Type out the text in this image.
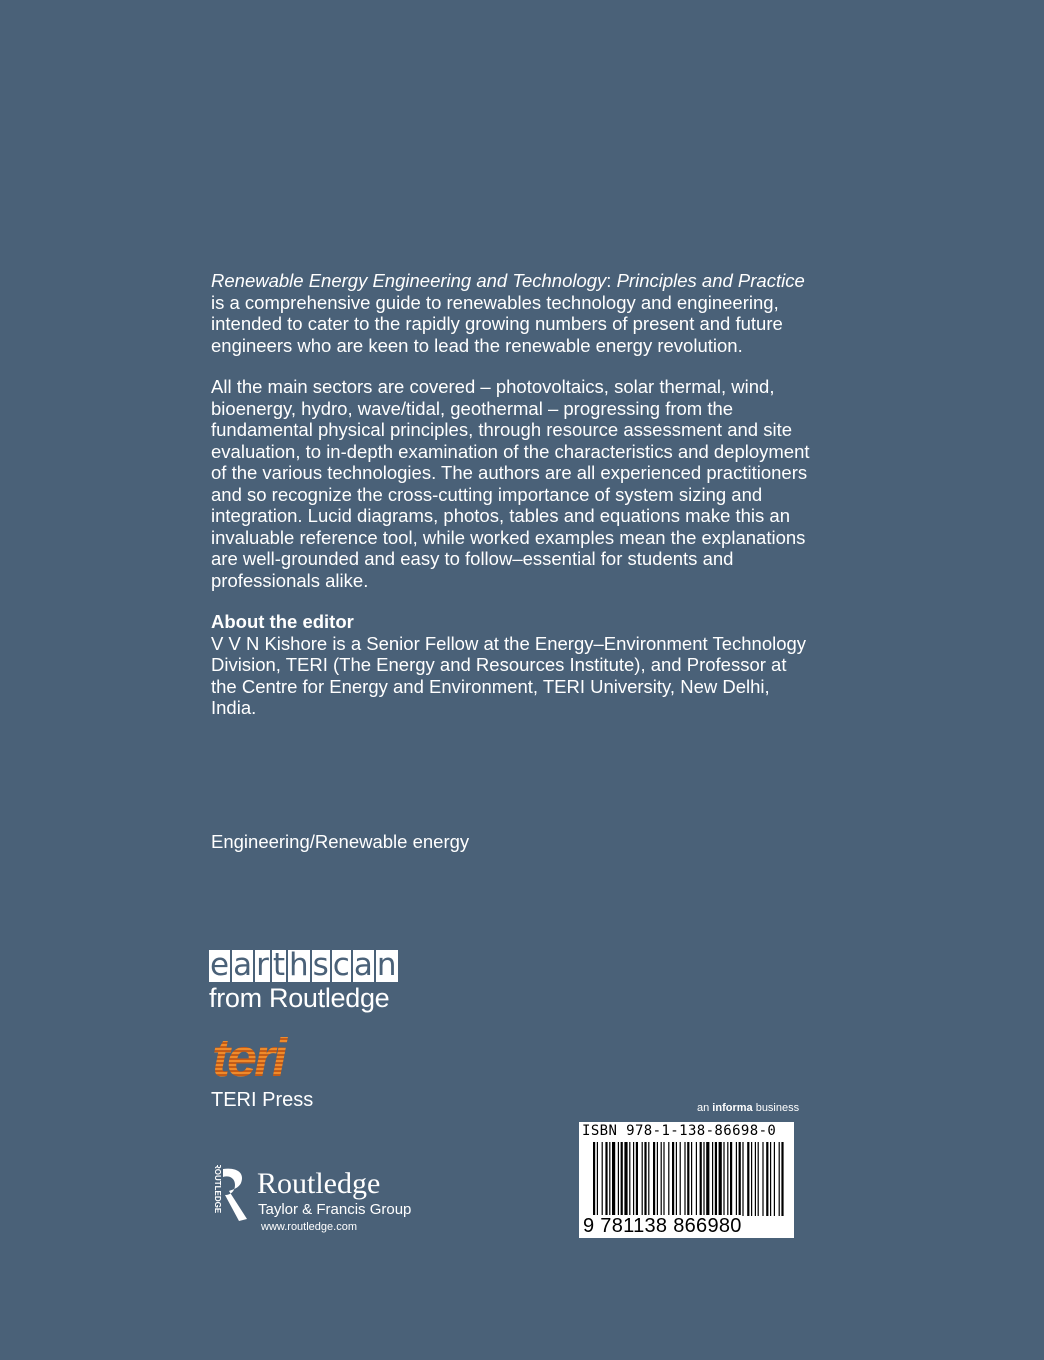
Renewable Energy Engineering and Technology: Principles and Practice is a comprehensive guide to renewables technology and engineering, intended to cater to the rapidly growing numbers of present and future engineers who are keen to lead the renewable energy revolution.

All the main sectors are covered – photovoltaics, solar thermal, wind, bioenergy, hydro, wave/tidal, geothermal – progressing from the fundamental physical principles, through resource assessment and site evaluation, to in-depth examination of the characteristics and deployment of the various technologies. The authors are all experienced practitioners and so recognize the cross-cutting importance of system sizing and integration. Lucid diagrams, photos, tables and equations make this an invaluable reference tool, while worked examples mean the explanations are well-grounded and easy to follow–essential for students and professionals alike.

About the editor
V V N Kishore is a Senior Fellow at the Energy–Environment Technology Division, TERI (The Energy and Resources Institute), and Professor at the Centre for Energy and Environment, TERI University, New Delhi, India.

Engineering/Renewable energy
e a r t h s c a n
from Routledge
teri
TERI Press
ROUTLEDGE Routledge
Taylor & Francis Group
www.routledge.com
an informa business
ISBN 978-1-138-86698-0
9 781138 866980
